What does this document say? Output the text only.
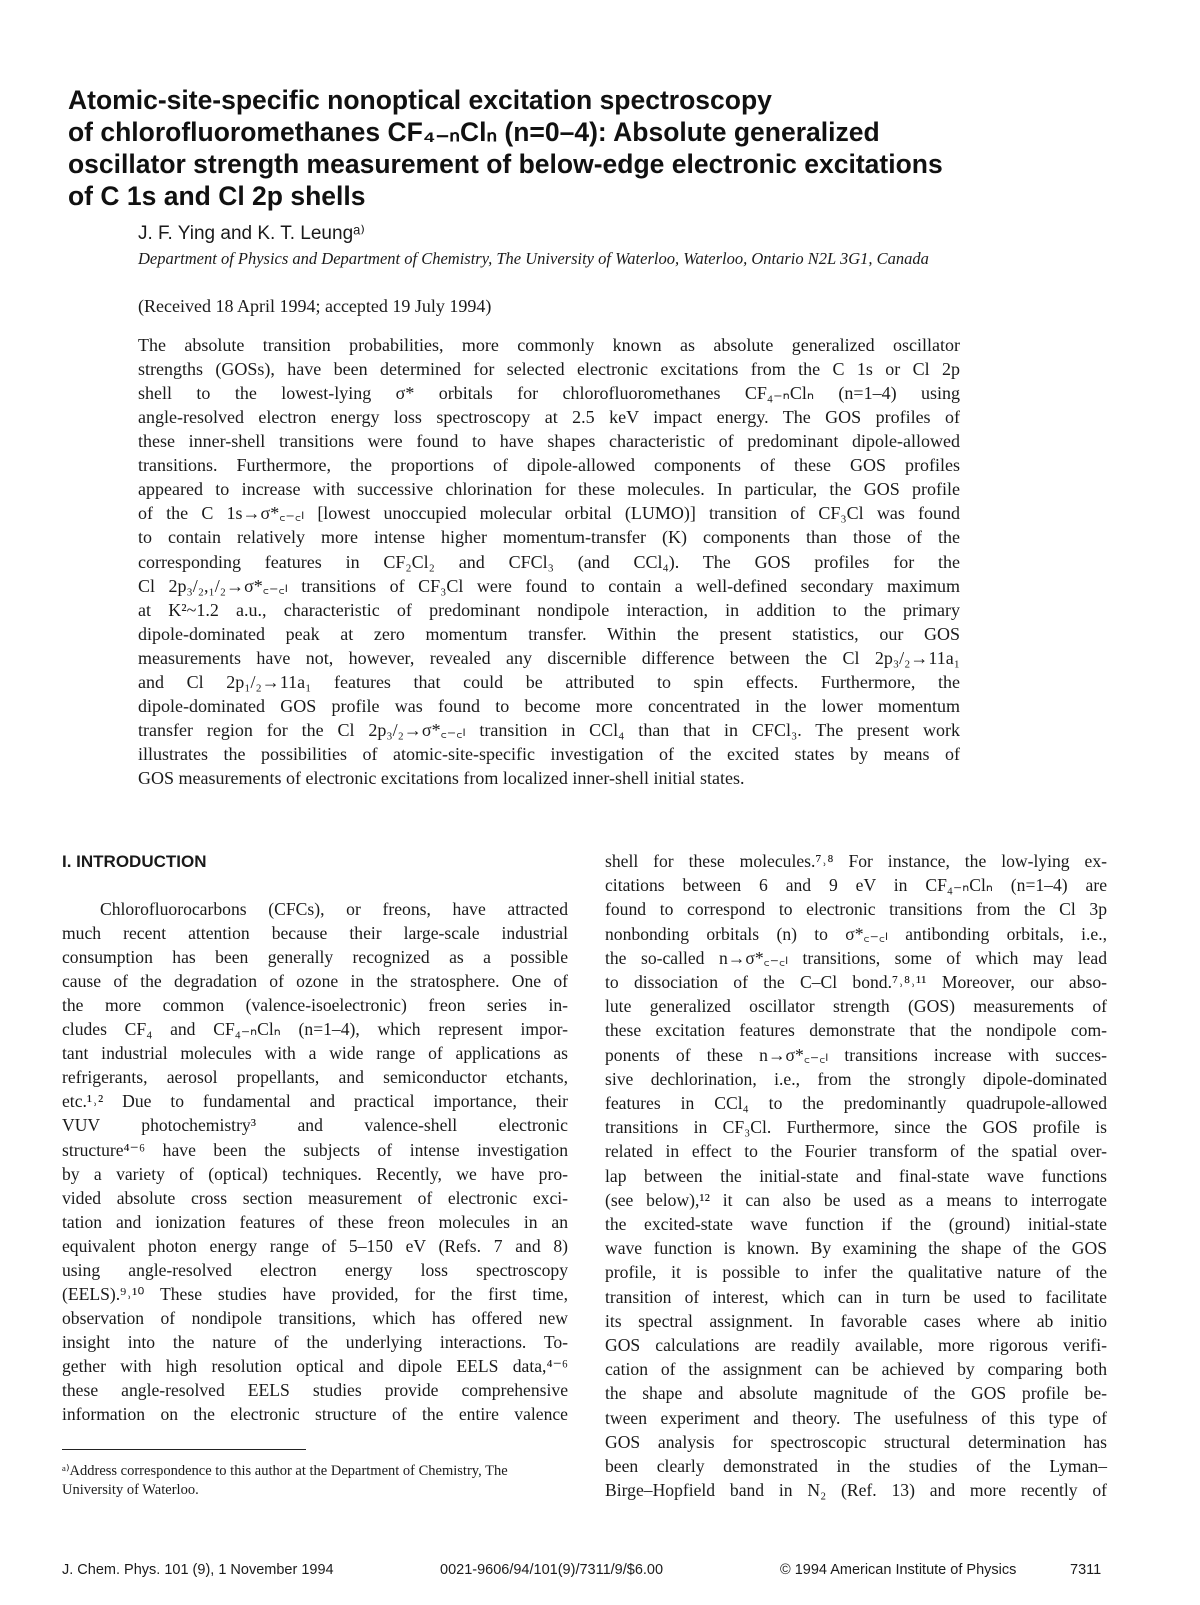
Atomic-site-specific nonoptical excitation spectroscopy
of chlorofluoromethanes CF₄₋ₙClₙ (n=0–4): Absolute generalized
oscillator strength measurement of below-edge electronic excitations
of C 1s and Cl 2p shells
J. F. Ying and K. T. Leungᵃ⁾
Department of Physics and Department of Chemistry, The University of Waterloo, Waterloo, Ontario N2L 3G1, Canada
(Received 18 April 1994; accepted 19 July 1994)
The absolute transition probabilities, more commonly known as absolute generalized oscillator
strengths (GOSs), have been determined for selected electronic excitations from the C 1s or Cl 2p
shell to the lowest-lying σ* orbitals for chlorofluoromethanes CF₄₋ₙClₙ (n=1–4) using
angle-resolved electron energy loss spectroscopy at 2.5 keV impact energy. The GOS profiles of
these inner-shell transitions were found to have shapes characteristic of predominant dipole-allowed
transitions. Furthermore, the proportions of dipole-allowed components of these GOS profiles
appeared to increase with successive chlorination for these molecules. In particular, the GOS profile
of the C 1s→σ*꜀₋꜀ₗ [lowest unoccupied molecular orbital (LUMO)] transition of CF₃Cl was found
to contain relatively more intense higher momentum-transfer (K) components than those of the
corresponding features in CF₂Cl₂ and CFCl₃ (and CCl₄). The GOS profiles for the
Cl 2p₃/₂,₁/₂→σ*꜀₋꜀ₗ transitions of CF₃Cl were found to contain a well-defined secondary maximum
at K²~1.2 a.u., characteristic of predominant nondipole interaction, in addition to the primary
dipole-dominated peak at zero momentum transfer. Within the present statistics, our GOS
measurements have not, however, revealed any discernible difference between the Cl 2p₃/₂→11a₁
and Cl 2p₁/₂→11a₁ features that could be attributed to spin effects. Furthermore, the
dipole-dominated GOS profile was found to become more concentrated in the lower momentum
transfer region for the Cl 2p₃/₂→σ*꜀₋꜀ₗ transition in CCl₄ than that in CFCl₃. The present work
illustrates the possibilities of atomic-site-specific investigation of the excited states by means of
GOS measurements of electronic excitations from localized inner-shell initial states.
I. INTRODUCTION
Chlorofluorocarbons (CFCs), or freons, have attracted
much recent attention because their large-scale industrial
consumption has been generally recognized as a possible
cause of the degradation of ozone in the stratosphere. One of
the more common (valence-isoelectronic) freon series in-
cludes CF₄ and CF₄₋ₙClₙ (n=1–4), which represent impor-
tant industrial molecules with a wide range of applications as
refrigerants, aerosol propellants, and semiconductor etchants,
etc.¹˒² Due to fundamental and practical importance, their
VUV photochemistry³ and valence-shell electronic
structure⁴⁻⁶ have been the subjects of intense investigation
by a variety of (optical) techniques. Recently, we have pro-
vided absolute cross section measurement of electronic exci-
tation and ionization features of these freon molecules in an
equivalent photon energy range of 5–150 eV (Refs. 7 and 8)
using angle-resolved electron energy loss spectroscopy
(EELS).⁹˒¹⁰ These studies have provided, for the first time,
observation of nondipole transitions, which has offered new
insight into the nature of the underlying interactions. To-
gether with high resolution optical and dipole EELS data,⁴⁻⁶
these angle-resolved EELS studies provide comprehensive
information on the electronic structure of the entire valence
shell for these molecules.⁷˒⁸ For instance, the low-lying ex-
citations between 6 and 9 eV in CF₄₋ₙClₙ (n=1–4) are
found to correspond to electronic transitions from the Cl 3p
nonbonding orbitals (n) to σ*꜀₋꜀ₗ antibonding orbitals, i.e.,
the so-called n→σ*꜀₋꜀ₗ transitions, some of which may lead
to dissociation of the C–Cl bond.⁷˒⁸˒¹¹ Moreover, our abso-
lute generalized oscillator strength (GOS) measurements of
these excitation features demonstrate that the nondipole com-
ponents of these n→σ*꜀₋꜀ₗ transitions increase with succes-
sive dechlorination, i.e., from the strongly dipole-dominated
features in CCl₄ to the predominantly quadrupole-allowed
transitions in CF₃Cl. Furthermore, since the GOS profile is
related in effect to the Fourier transform of the spatial over-
lap between the initial-state and final-state wave functions
(see below),¹² it can also be used as a means to interrogate
the excited-state wave function if the (ground) initial-state
wave function is known. By examining the shape of the GOS
profile, it is possible to infer the qualitative nature of the
transition of interest, which can in turn be used to facilitate
its spectral assignment. In favorable cases where ab initio
GOS calculations are readily available, more rigorous verifi-
cation of the assignment can be achieved by comparing both
the shape and absolute magnitude of the GOS profile be-
tween experiment and theory. The usefulness of this type of
GOS analysis for spectroscopic structural determination has
been clearly demonstrated in the studies of the Lyman–
Birge–Hopfield band in N₂ (Ref. 13) and more recently of
ᵃ⁾Address correspondence to this author at the Department of Chemistry, The University of Waterloo.
J. Chem. Phys. 101 (9), 1 November 1994	0021-9606/94/101(9)/7311/9/$6.00	© 1994 American Institute of Physics	7311
